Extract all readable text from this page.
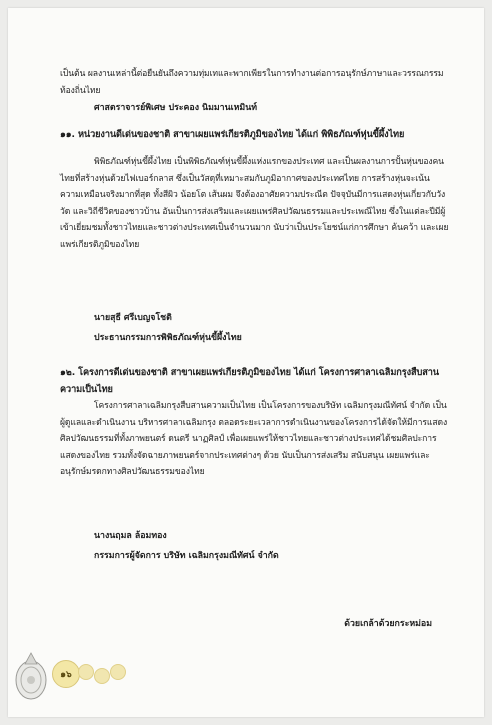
เป็นต้น ผลงานเหล่านี้ต่อยืนยันถึงความทุ่มเทและพากเพียรในการทำงานต่อการอนุรักษ์ภาษาและวรรณกรรมท้องถิ่นไทย

ศาสตราจารย์พิเศษ ประคอง นิมมานเหมินท์

๑๑. หน่วยงานดีเด่นของชาติ สาขาเผยแพร่เกียรติภูมิของไทย ได้แก่ พิพิธภัณฑ์หุ่นขี้ผึ้งไทย

พิพิธภัณฑ์หุ่นขี้ผึ้งไทย เป็นพิพิธภัณฑ์หุ่นขี้ผึ้งแห่งแรกของประเทศ และเป็นผลงานการปั้นหุ่นของคนไทยที่สร้างหุ่นด้วยไฟเบอร์กลาส ซึ่งเป็นวัสดุที่เหมาะสมกับภูมิอากาศของประเทศไทย การสร้างหุ่นจะเน้นความเหมือนจริงมากที่สุด ทั้งสีผิว น้อยโต เส้นผม จึงต้องอาศัยความประณีต ปัจจุบันมีการแสดงหุ่นเกี่ยวกับวัง วัด และวิถีชีวิตของชาวบ้าน อันเป็นการส่งเสริมและเผยแพร่ศิลปวัฒนธรรมและประเพณีไทย ซึ่งในแต่ละปีมีผู้เข้าเยี่ยมชมทั้งชาวไทยและชาวต่างประเทศเป็นจำนวนมาก นับว่าเป็นประโยชน์แก่การศึกษา ค้นคว้า และเผยแพร่เกียรติภูมิของไทย

นายสุธี ศรีเบญจโชติ
ประธานกรรมการพิพิธภัณฑ์หุ่นขี้ผึ้งไทย

๑๒. โครงการดีเด่นของชาติ สาขาเผยแพร่เกียรติภูมิของไทย ได้แก่ โครงการศาลาเฉลิมกรุงสืบสานความเป็นไทย

โครงการศาลาเฉลิมกรุงสืบสานความเป็นไทย เป็นโครงการของบริษัท เฉลิมกรุงมณีทัศน์ จำกัด เป็นผู้ดูแลและดำเนินงาน บริหารศาลาเฉลิมกรุง ตลอดระยะเวลาการดำเนินงานของโครงการได้จัดให้มีการแสดงศิลปวัฒนธรรมที่ทั้งภาพยนตร์ ดนตรี นาฏศิลป์ เพื่อเผยแพร่ให้ชาวไทยและชาวต่างประเทศได้ชมศิลปะการแสดงของไทย รวมทั้งจัดฉายภาพยนตร์จากประเทศต่างๆ ด้วย นับเป็นการส่งเสริม สนับสนุน เผยแพร่และอนุรักษ์มรดกทางศิลปวัฒนธรรมของไทย

นางนฤมล ล้อมทอง
กรรมการผู้จัดการ บริษัท เฉลิมกรุงมณีทัศน์ จำกัด
ด้วยเกล้าด้วยกระหม่อม
๑๖
